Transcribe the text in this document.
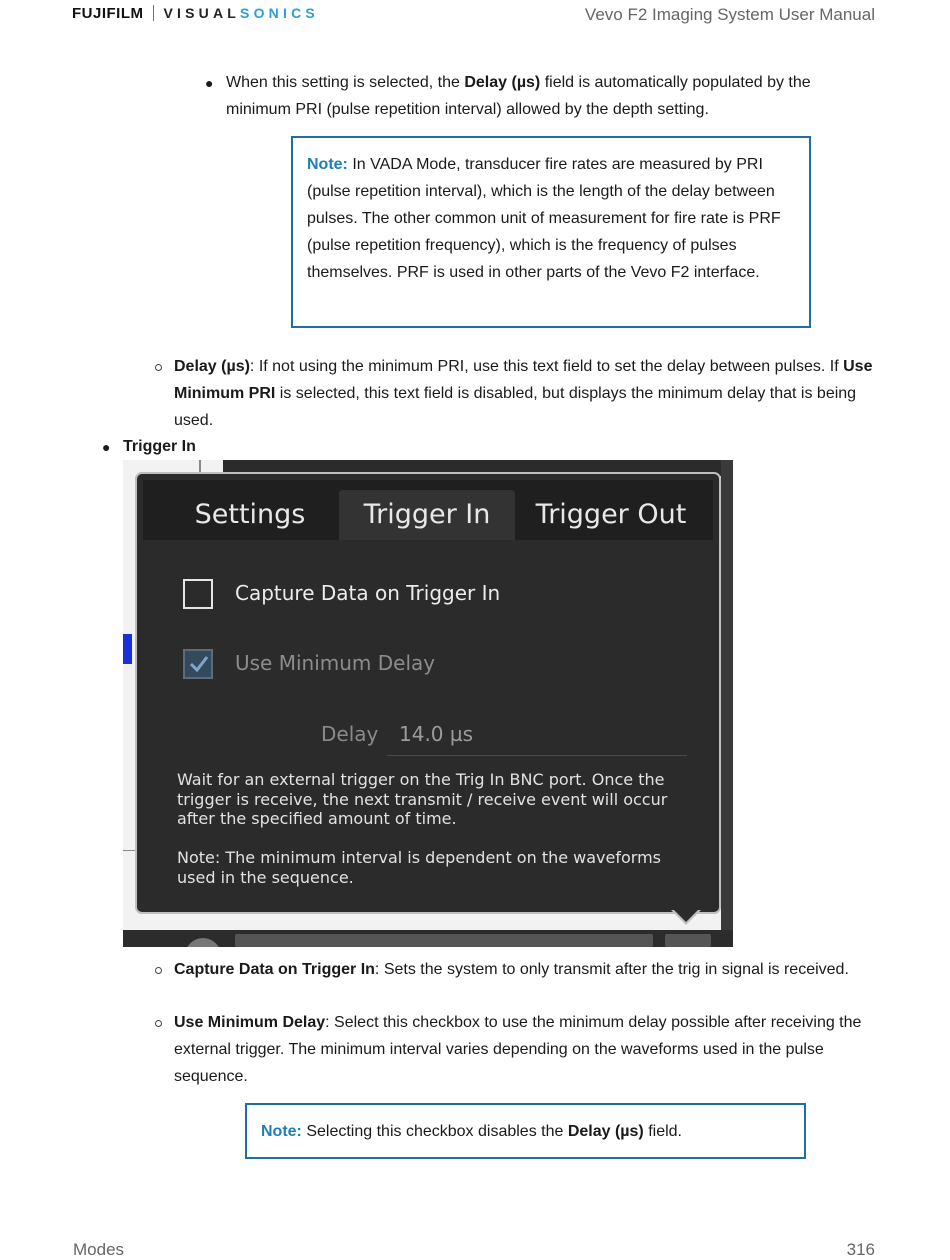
FUJIFILM VISUAL SONICS	Vevo F2 Imaging System User Manual
● When this setting is selected, the Delay (µs) field is automatically populated by the minimum PRI (pulse repetition interval) allowed by the depth setting.
Note: In VADA Mode, transducer fire rates are measured by PRI (pulse repetition interval), which is the length of the delay between pulses. The other common unit of measurement for fire rate is PRF (pulse repetition frequency), which is the frequency of pulses themselves. PRF is used in other parts of the Vevo F2 interface.
Delay (µs): If not using the minimum PRI, use this text field to set the delay between pulses. If Use Minimum PRI is selected, this text field is disabled, but displays the minimum delay that is being used.
● Trigger In
Settings	Trigger In	Trigger Out
Capture Data on Trigger In
Use Minimum Delay
Delay	14.0 µs
Wait for an external trigger on the Trig In BNC port. Once the trigger is receive, the next transmit / receive event will occur after the specified amount of time.
Note: The minimum interval is dependent on the waveforms used in the sequence.
Capture Data on Trigger In: Sets the system to only transmit after the trig in signal is received.
Use Minimum Delay: Select this checkbox to use the minimum delay possible after receiving the external trigger. The minimum interval varies depending on the waveforms used in the pulse sequence.
Note: Selecting this checkbox disables the Delay (µs) field.
Modes	316
